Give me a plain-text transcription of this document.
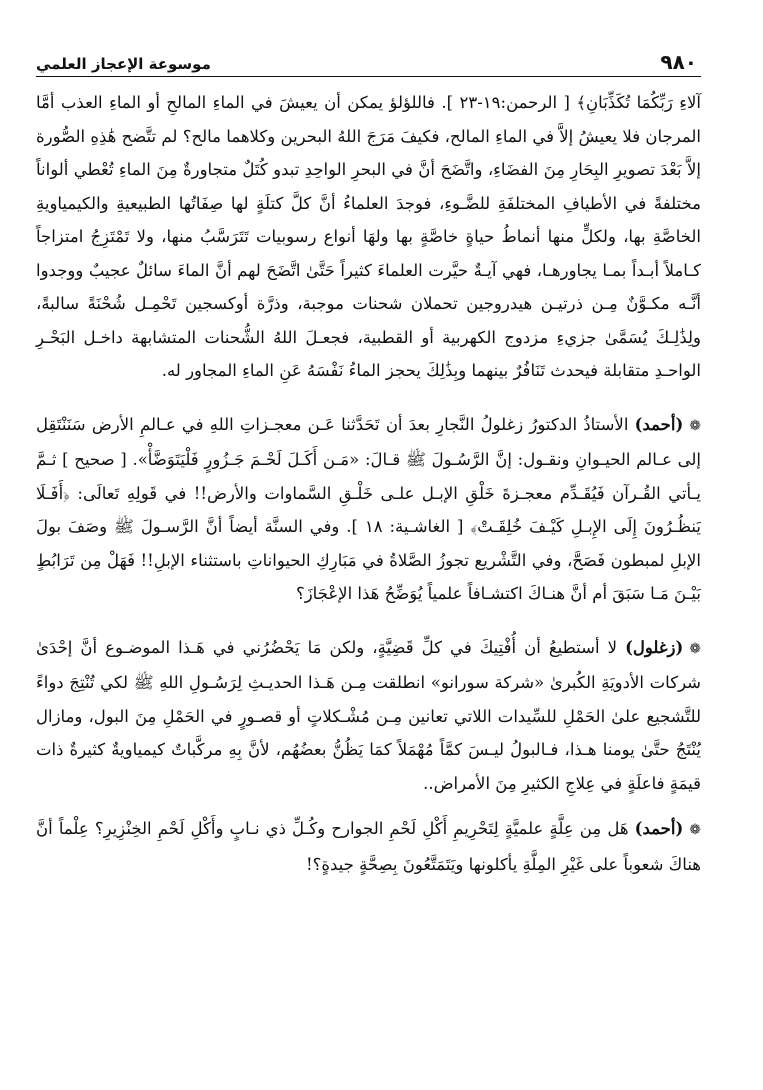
٩٨٠
موسوعة الإعجاز العلمي

آلاءِ رَبِّكُمَا تُكَذِّبَانِ﴾ [ الرحمن:١٩-٢٣ ]. فاللؤلؤ يمكن أن يعيشَ في الماءِ المالحِ أو الماءِ العذب أمَّا المرجان فلا يعيشُ إلاَّ في الماءِ المالح، فكيفَ مَرَجَ اللهُ البحرين وكلاهما مالح؟ لم تتَّضح هَٰذِهِ الصُّورة إلاَّ بَعْدَ تصويرِ البِحَارِ مِنَ الفضَاءِ، واتَّضَحَ أنَّ في البحرِ الواحِدِ تبدو كُتَلٌ متجاورةٌ مِنَ الماءِ تُعْطي ألواناً مختلفةً في الأطيافِ المختلفَةِ للضَّـوءِ، فوجدَ العلماءُ أنَّ كلَّ كتلَةٍ لها صِفَاتُها الطبيعيةِ والكيمياويةِ الخاصَّةِ بها، ولكلٍّ منها أنماطُ حياةٍ خاصَّةٍ بها ولهَا أنواع رسوبيات تَتَرَسَّبُ منها، ولا تَمْتَزِجُ امتزاجاً كـاملاً أبـداً بمـا يجاورهـا، فهي آيـةٌ حيَّرت العلماءَ كثيراً حَتَّىٰ اتَّضَحَ لهم أنَّ الماءَ سائلٌ عجيبٌ ووجدوا أنَّـه مكـوَّنٌ مِـن ذرتيـن هيدروجين تحملان شحنات موجبة، وذرَّة أوكسجين تَحْمِـل شُحْنَةً سالبةً، ولِذَٰلِـكَ يُسَمَّىٰ جزيءِ مزدوج الكهربية أو القطبية، فجعـلَ اللهُ الشُّحنات المتشابهة داخـل البَحْـرِ الواحـدِ متقابلة فيحدث تَنَافُرٌ بينهما وبِذَٰلِكَ يحجز الماءُ نَفْسَهُ عَنِ الماءِ المجاور له.

❁(أحمد) الأستاذُ الدكتورُ زغلولُ النَّجارِ بعدَ أن تَحَدَّثنا عَـن معجـزاتِ اللهِ في عـالمِ الأرض سَنَنْتَقِل إلى عـالم الحيـوانِ ونقـول: إنَّ الرَّسُـولَ ﷺ قـالَ: «مَـن أَكَـلَ لَحْـمَ جَـزُورٍ فَلْيَتَوَضَّأْ». [ صحيح ] ثـمَّ يـأتي القُـرآن فَيُقَـدِّم معجـزةَ خَلْقِ الإبـل علـى خَلْـقِ السَّماوات والأرض!! في قَولِهِ تَعالَى: ﴿أَفَـلَا يَنظُـرُونَ إِلَى الإِبـلِ كَيْـفَ خُلِقَـتْ﴾ [ الغاشـية: ١٨ ]. وفي السنَّة أيضاً أنَّ الرَّسـولَ ﷺ وصَفَ بولَ الإبلِ لمبطون فَصَحَّ، وفي التَّشْريع تجوزُ الصَّلاةُ في مَبَارِكِ الحيواناتِ باستثناء الإبلِ!! فَهَلْ مِن تَرَابُطٍ بَيْـنَ مَـا سَبَقَ أم أنَّ هنـاكَ اكتشـافاً علمياً يُوَضِّحُ هَذا الإعْجَازَ؟

❁(زغلول) لا أستطيعُ أن أُفْتِيكَ في كلِّ قَضِيَّةٍ، ولكن مَا يَحْضُرُني في هَـذا الموضـوع أنَّ إحْدَىٰ شركات الأدويَةِ الكُبرىٰ «شركة سورانو» انطلقت مِـن هَـذا الحديـثِ لِرَسُـولِ اللهِ ﷺ لكي تُنْتِجَ دواءً للتَّشجيع علىٰ الحَمْلِ للسِّيدات اللاتي تعانين مِـن مُشْـكلاتٍ أو قصـورٍ في الحَمْلِ مِنَ البول، ومازال يُنْتَجُ حتَّىٰ يومنا هـذا، فـالبولُ ليـسَ كمَّاً مُهْمَلاً كمَا يَظُنُّ بعضُهُم، لأنَّ بِهِ مركَّباتٌ كيمياويةٌ كثيرةٌ ذات قيمَةٍ فاعلَةٍ في عِلاجِ الكثيرِ مِنَ الأمراض..

❁(أحمد) هَل مِن عِلَّةٍ علميَّةٍ لِتَحْرِيمِ أَكْلِ لَحْمِ الجوارح وكُـلِّ ذي نـابٍ وأَكْلِ لَحْمِ الخِنْزِيرِ؟ عِلْماً أنَّ هناكَ شعوباً على غَيْرِ المِلَّةِ يأكلونها ويَتَمَتَّعُونَ بِصِحَّةٍ جيدةٍ؟!
